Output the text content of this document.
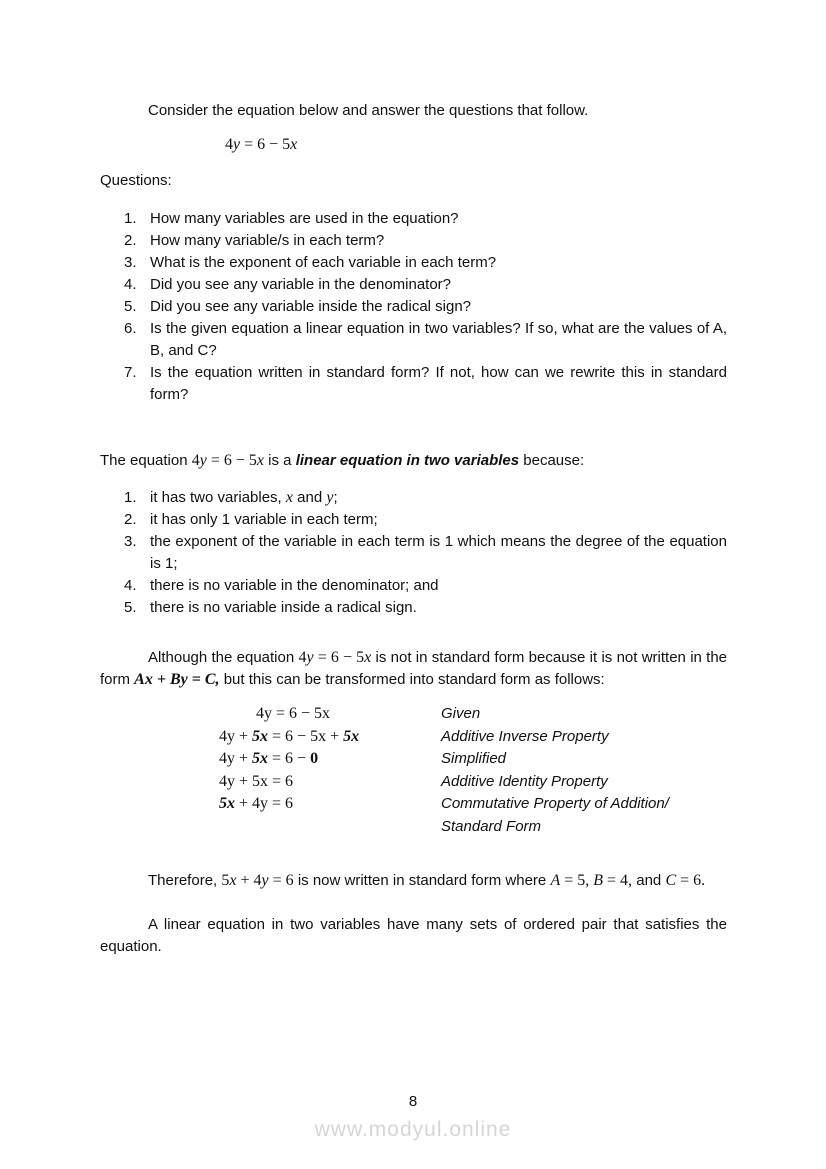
Consider the equation below and answer the questions that follow.

4y = 6 − 5x

Questions:

1. How many variables are used in the equation?
2. How many variable/s in each term?
3. What is the exponent of each variable in each term?
4. Did you see any variable in the denominator?
5. Did you see any variable inside the radical sign?
6. Is the given equation a linear equation in two variables? If so, what are the values of A, B, and C?
7. Is the equation written in standard form? If not, how can we rewrite this in standard form?

The equation 4y = 6 − 5x is a linear equation in two variables because:

1. it has two variables, x and y;
2. it has only 1 variable in each term;
3. the exponent of the variable in each term is 1 which means the degree of the equation is 1;
4. there is no variable in the denominator; and
5. there is no variable inside a radical sign.

Although the equation 4y = 6 − 5x is not in standard form because it is not written in the form Ax + By = C, but this can be transformed into standard form as follows:

4y = 6 − 5x	Given
4y + 5x = 6 − 5x + 5x	Additive Inverse Property
4y + 5x = 6 − 0	Simplified
4y + 5x = 6	Additive Identity Property
5x + 4y = 6	Commutative Property of Addition/
Standard Form

Therefore, 5x + 4y = 6 is now written in standard form where A = 5, B = 4, and C = 6.

A linear equation in two variables have many sets of ordered pair that satisfies the equation.

8
www.modyul.online
